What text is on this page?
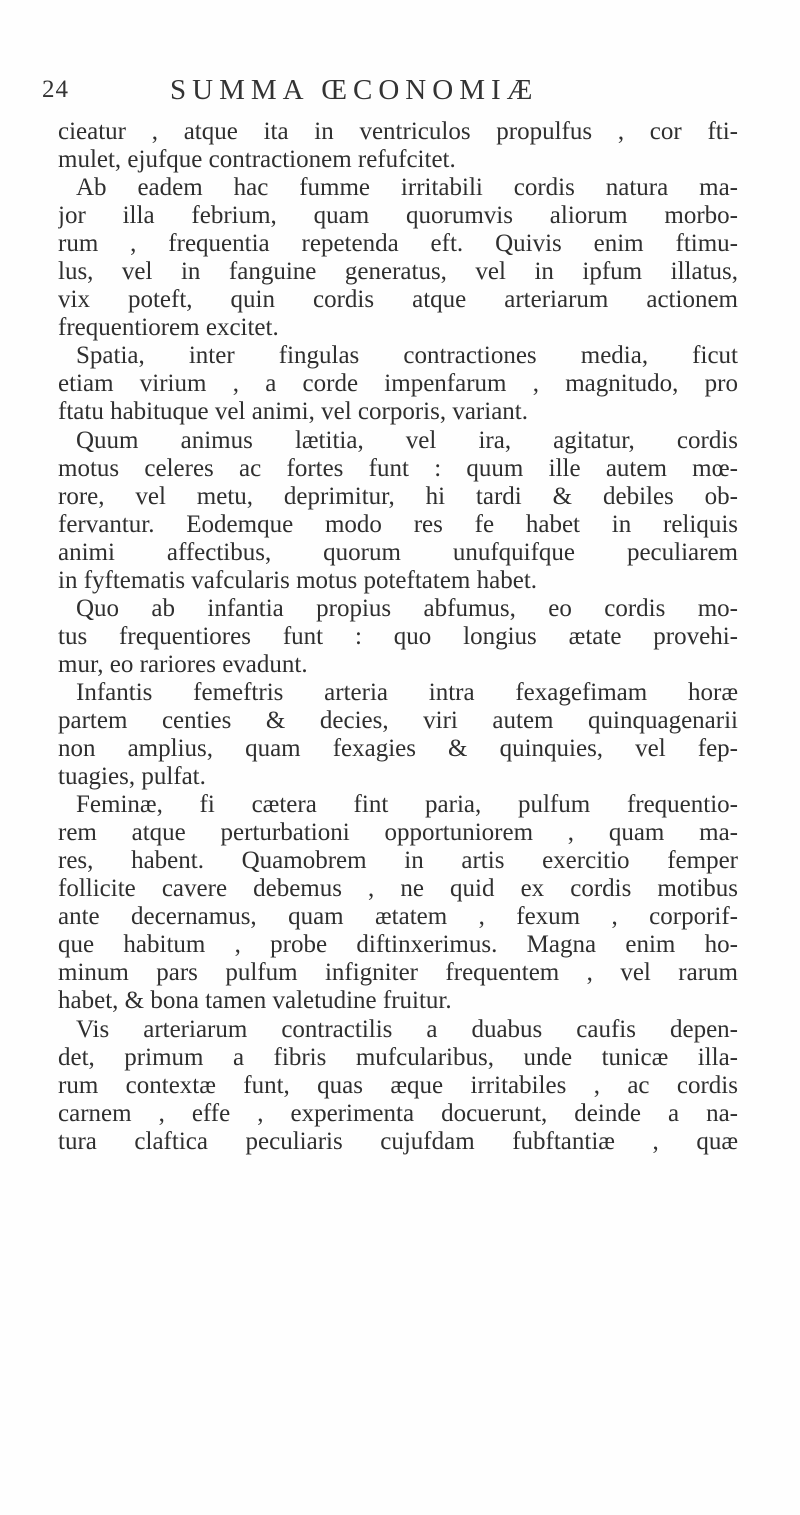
24	SUMMA ŒCONOMIÆ
cieatur , atque ita in ventriculos propulfus , cor fti-
mulet, ejufque contractionem refufcitet.
Ab eadem hac fumme irritabili cordis natura ma-
jor illa febrium, quam quorumvis aliorum morbo-
rum , frequentia repetenda eft. Quivis enim ftimu-
lus, vel in fanguine generatus, vel in ipfum illatus,
vix poteft, quin cordis atque arteriarum actionem
frequentiorem excitet.
Spatia, inter fingulas contractiones media, ficut
etiam virium , a corde impenfarum , magnitudo, pro
ftatu habituque vel animi, vel corporis, variant.
Quum animus lætitia, vel ira, agitatur, cordis
motus celeres ac fortes funt : quum ille autem mœ-
rore, vel metu, deprimitur, hi tardi & debiles ob-
fervantur. Eodemque modo res fe habet in reliquis
animi affectibus, quorum unufquifque peculiarem
in fyftematis vafcularis motus poteftatem habet.
Quo ab infantia propius abfumus, eo cordis mo-
tus frequentiores funt : quo longius ætate provehi-
mur, eo rariores evadunt.
Infantis femeftris arteria intra fexagefimam horæ
partem centies & decies, viri autem quinquagenarii
non amplius, quam fexagies & quinquies, vel fep-
tuagies, pulfat.
Feminæ, fi cætera fint paria, pulfum frequentio-
rem atque perturbationi opportuniorem , quam ma-
res, habent. Quamobrem in artis exercitio femper
follicite cavere debemus , ne quid ex cordis motibus
ante decernamus, quam ætatem , fexum , corporif-
que habitum , probe diftinxerimus. Magna enim ho-
minum pars pulfum infigniter frequentem , vel rarum
habet, & bona tamen valetudine fruitur.
Vis arteriarum contractilis a duabus caufis depen-
det, primum a fibris mufcularibus, unde tunicæ illa-
rum contextæ funt, quas æque irritabiles , ac cordis
carnem , effe , experimenta docuerunt, deinde a na-
tura claftica peculiaris cujufdam fubftantiæ , quæ
